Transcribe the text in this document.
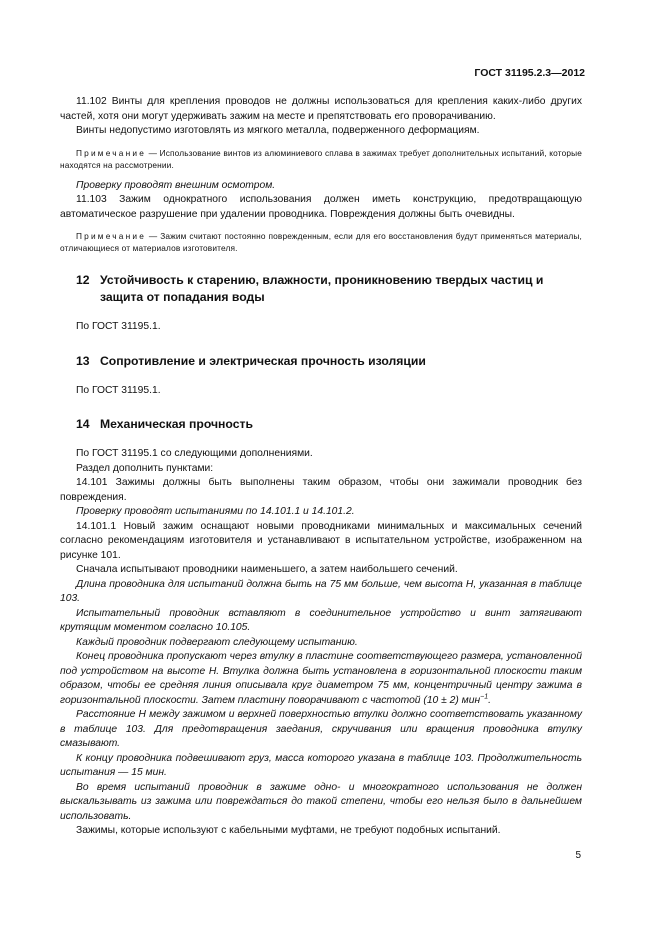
ГОСТ 31195.2.3—2012

11.102 Винты для крепления проводов не должны использоваться для крепления каких-либо других частей, хотя они могут удерживать зажим на месте и препятствовать его проворачиванию.

Винты недопустимо изготовлять из мягкого металла, подверженного деформациям.

Примечание — Использование винтов из алюминиевого сплава в зажимах требует дополнительных испытаний, которые находятся на рассмотрении.

Проверку проводят внешним осмотром.

11.103 Зажим однократного использования должен иметь конструкцию, предотвращающую автоматическое разрушение при удалении проводника. Повреждения должны быть очевидны.

Примечание — Зажим считают постоянно поврежденным, если для его восстановления будут применяться материалы, отличающиеся от материалов изготовителя.

12 Устойчивость к старению, влажности, проникновению твердых частиц и защита от попадания воды

По ГОСТ 31195.1.

13 Сопротивление и электрическая прочность изоляции

По ГОСТ 31195.1.

14 Механическая прочность

По ГОСТ 31195.1 со следующими дополнениями.

Раздел дополнить пунктами:

14.101 Зажимы должны быть выполнены таким образом, чтобы они зажимали проводник без повреждения.

Проверку проводят испытаниями по 14.101.1 и 14.101.2.

14.101.1 Новый зажим оснащают новыми проводниками минимальных и максимальных сечений согласно рекомендациям изготовителя и устанавливают в испытательном устройстве, изображенном на рисунке 101.

Сначала испытывают проводники наименьшего, а затем наибольшего сечений.

Длина проводника для испытаний должна быть на 75 мм больше, чем высота H, указанная в таблице 103.

Испытательный проводник вставляют в соединительное устройство и винт затягивают крутящим моментом согласно 10.105.

Каждый проводник подвергают следующему испытанию.

Конец проводника пропускают через втулку в пластине соответствующего размера, установленной под устройством на высоте H. Втулка должна быть установлена в горизонтальной плоскости таким образом, чтобы ее средняя линия описывала круг диаметром 75 мм, концентричный центру зажима в горизонтальной плоскости. Затем пластину поворачивают с частотой (10 ± 2) мин$^{-1}$.

Расстояние H между зажимом и верхней поверхностью втулки должно соответствовать указанному в таблице 103. Для предотвращения заедания, скручивания или вращения проводника втулку смазывают.

К концу проводника подвешивают груз, масса которого указана в таблице 103. Продолжительность испытания — 15 мин.

Во время испытаний проводник в зажиме одно- и многократного использования не должен выскальзывать из зажима или повреждаться до такой степени, чтобы его нельзя было в дальнейшем использовать.

Зажимы, которые используют с кабельными муфтами, не требуют подобных испытаний.

5
